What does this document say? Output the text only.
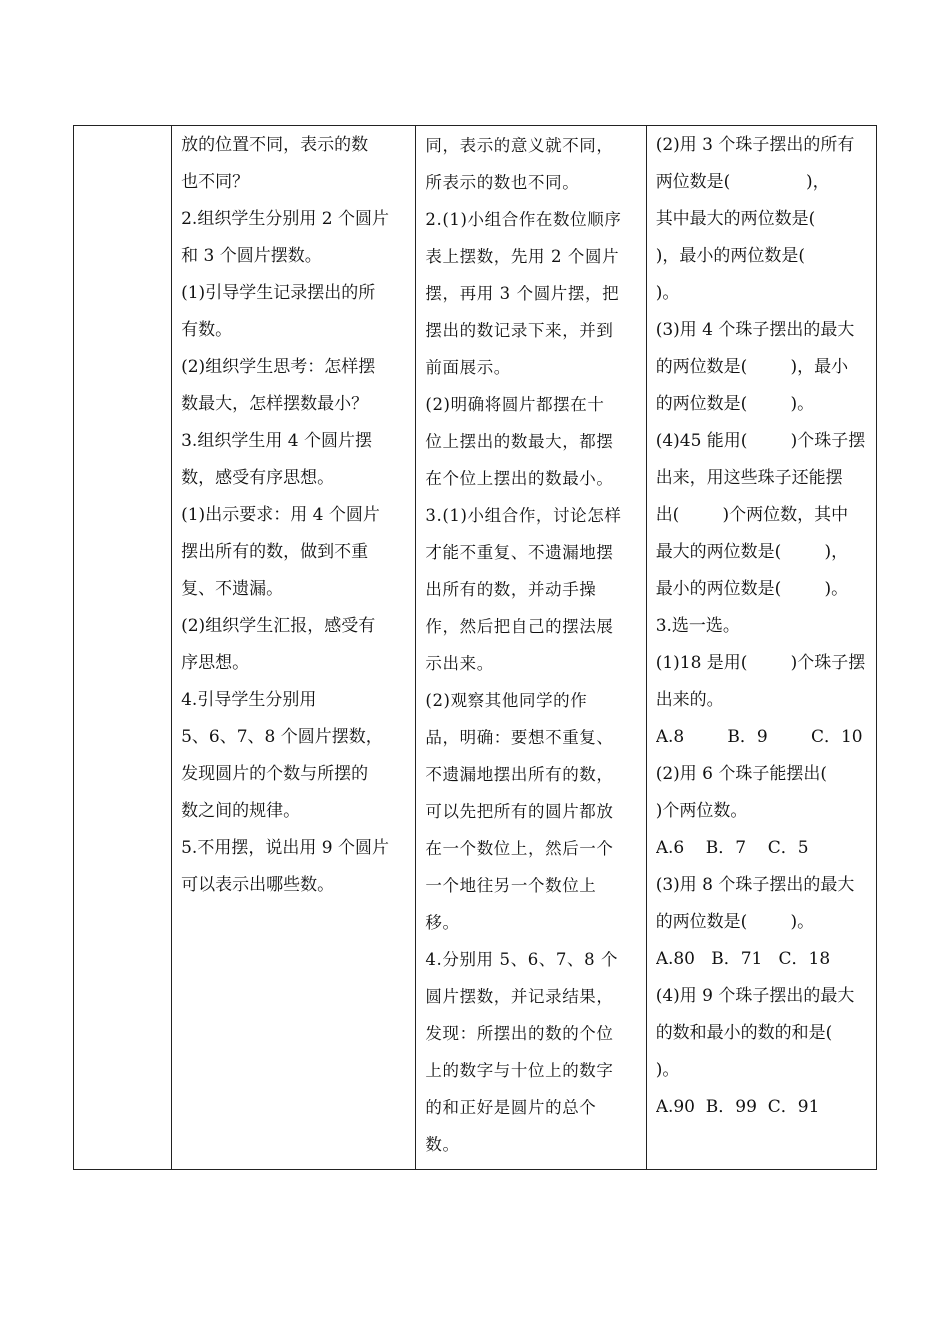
放的位置不同，表示的数
也不同？
2.组织学生分别用 2 个圆片
和 3 个圆片摆数。
(1)引导学生记录摆出的所
有数。
(2)组织学生思考：怎样摆
数最大，怎样摆数最小？
3.组织学生用 4 个圆片摆
数，感受有序思想。
(1)出示要求：用 4 个圆片
摆出所有的数，做到不重
复、不遗漏。
(2)组织学生汇报，感受有
序思想。
4.引导学生分别用
5、6、7、8 个圆片摆数，
发现圆片的个数与所摆的
数之间的规律。
5.不用摆，说出用 9 个圆片
可以表示出哪些数。

同，表示的意义就不同，
所表示的数也不同。
2.(1)小组合作在数位顺序
表上摆数，先用 2 个圆片
摆，再用 3 个圆片摆，把
摆出的数记录下来，并到
前面展示。
(2)明确将圆片都摆在十
位上摆出的数最大，都摆
在个位上摆出的数最小。
3.(1)小组合作，讨论怎样
才能不重复、不遗漏地摆
出所有的数，并动手操
作，然后把自己的摆法展
示出来。
(2)观察其他同学的作
品，明确：要想不重复、
不遗漏地摆出所有的数，
可以先把所有的圆片都放
在一个数位上，然后一个
一个地往另一个数位上
移。
4.分别用 5、6、7、8 个
圆片摆数，并记录结果，
发现：所摆出的数的个位
上的数字与十位上的数字
的和正好是圆片的总个
数。

(2)用 3 个珠子摆出的所有
两位数是(              )，
其中最大的两位数是(
)，最小的两位数是(
)。
(3)用 4 个珠子摆出的最大
的两位数是(        )，最小
的两位数是(        )。
(4)45 能用(        )个珠子摆
出来，用这些珠子还能摆
出(        )个两位数，其中
最大的两位数是(        )，
最小的两位数是(        )。
3.选一选。
(1)18 是用(        )个珠子摆
出来的。
A.8        B．9        C．10
(2)用 6 个珠子能摆出(
)个两位数。
A.6    B．7    C．5
(3)用 8 个珠子摆出的最大
的两位数是(        )。
A.80   B．71   C．18
(4)用 9 个珠子摆出的最大
的数和最小的数的和是(
)。
A.90  B．99  C．91
